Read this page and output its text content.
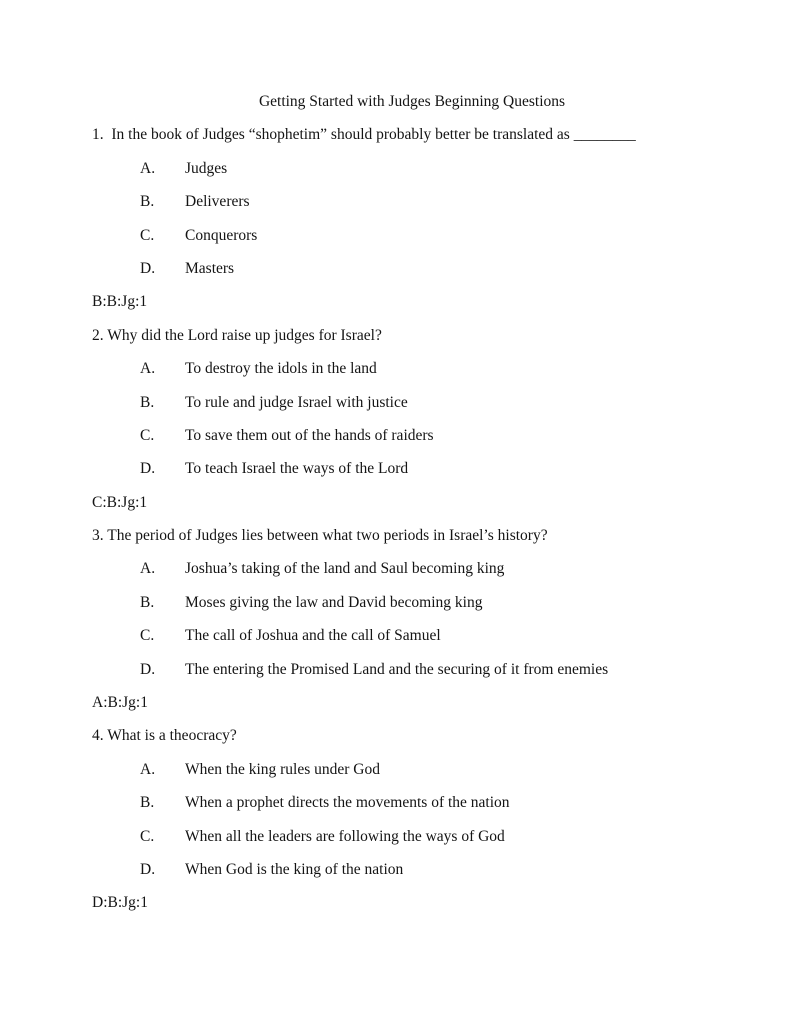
Getting Started with Judges Beginning Questions
1.  In the book of Judges “shophetim” should probably better be translated as ________
A. Judges
B. Deliverers
C. Conquerors
D. Masters
B:B:Jg:1
2. Why did the Lord raise up judges for Israel?
A. To destroy the idols in the land
B. To rule and judge Israel with justice
C. To save them out of the hands of raiders
D. To teach Israel the ways of the Lord
C:B:Jg:1
3. The period of Judges lies between what two periods in Israel’s history?
A. Joshua’s taking of the land and Saul becoming king
B. Moses giving the law and David becoming king
C. The call of Joshua and the call of Samuel
D. The entering the Promised Land and the securing of it from enemies
A:B:Jg:1
4. What is a theocracy?
A. When the king rules under God
B. When a prophet directs the movements of the nation
C. When all the leaders are following the ways of God
D. When God is the king of the nation
D:B:Jg:1
